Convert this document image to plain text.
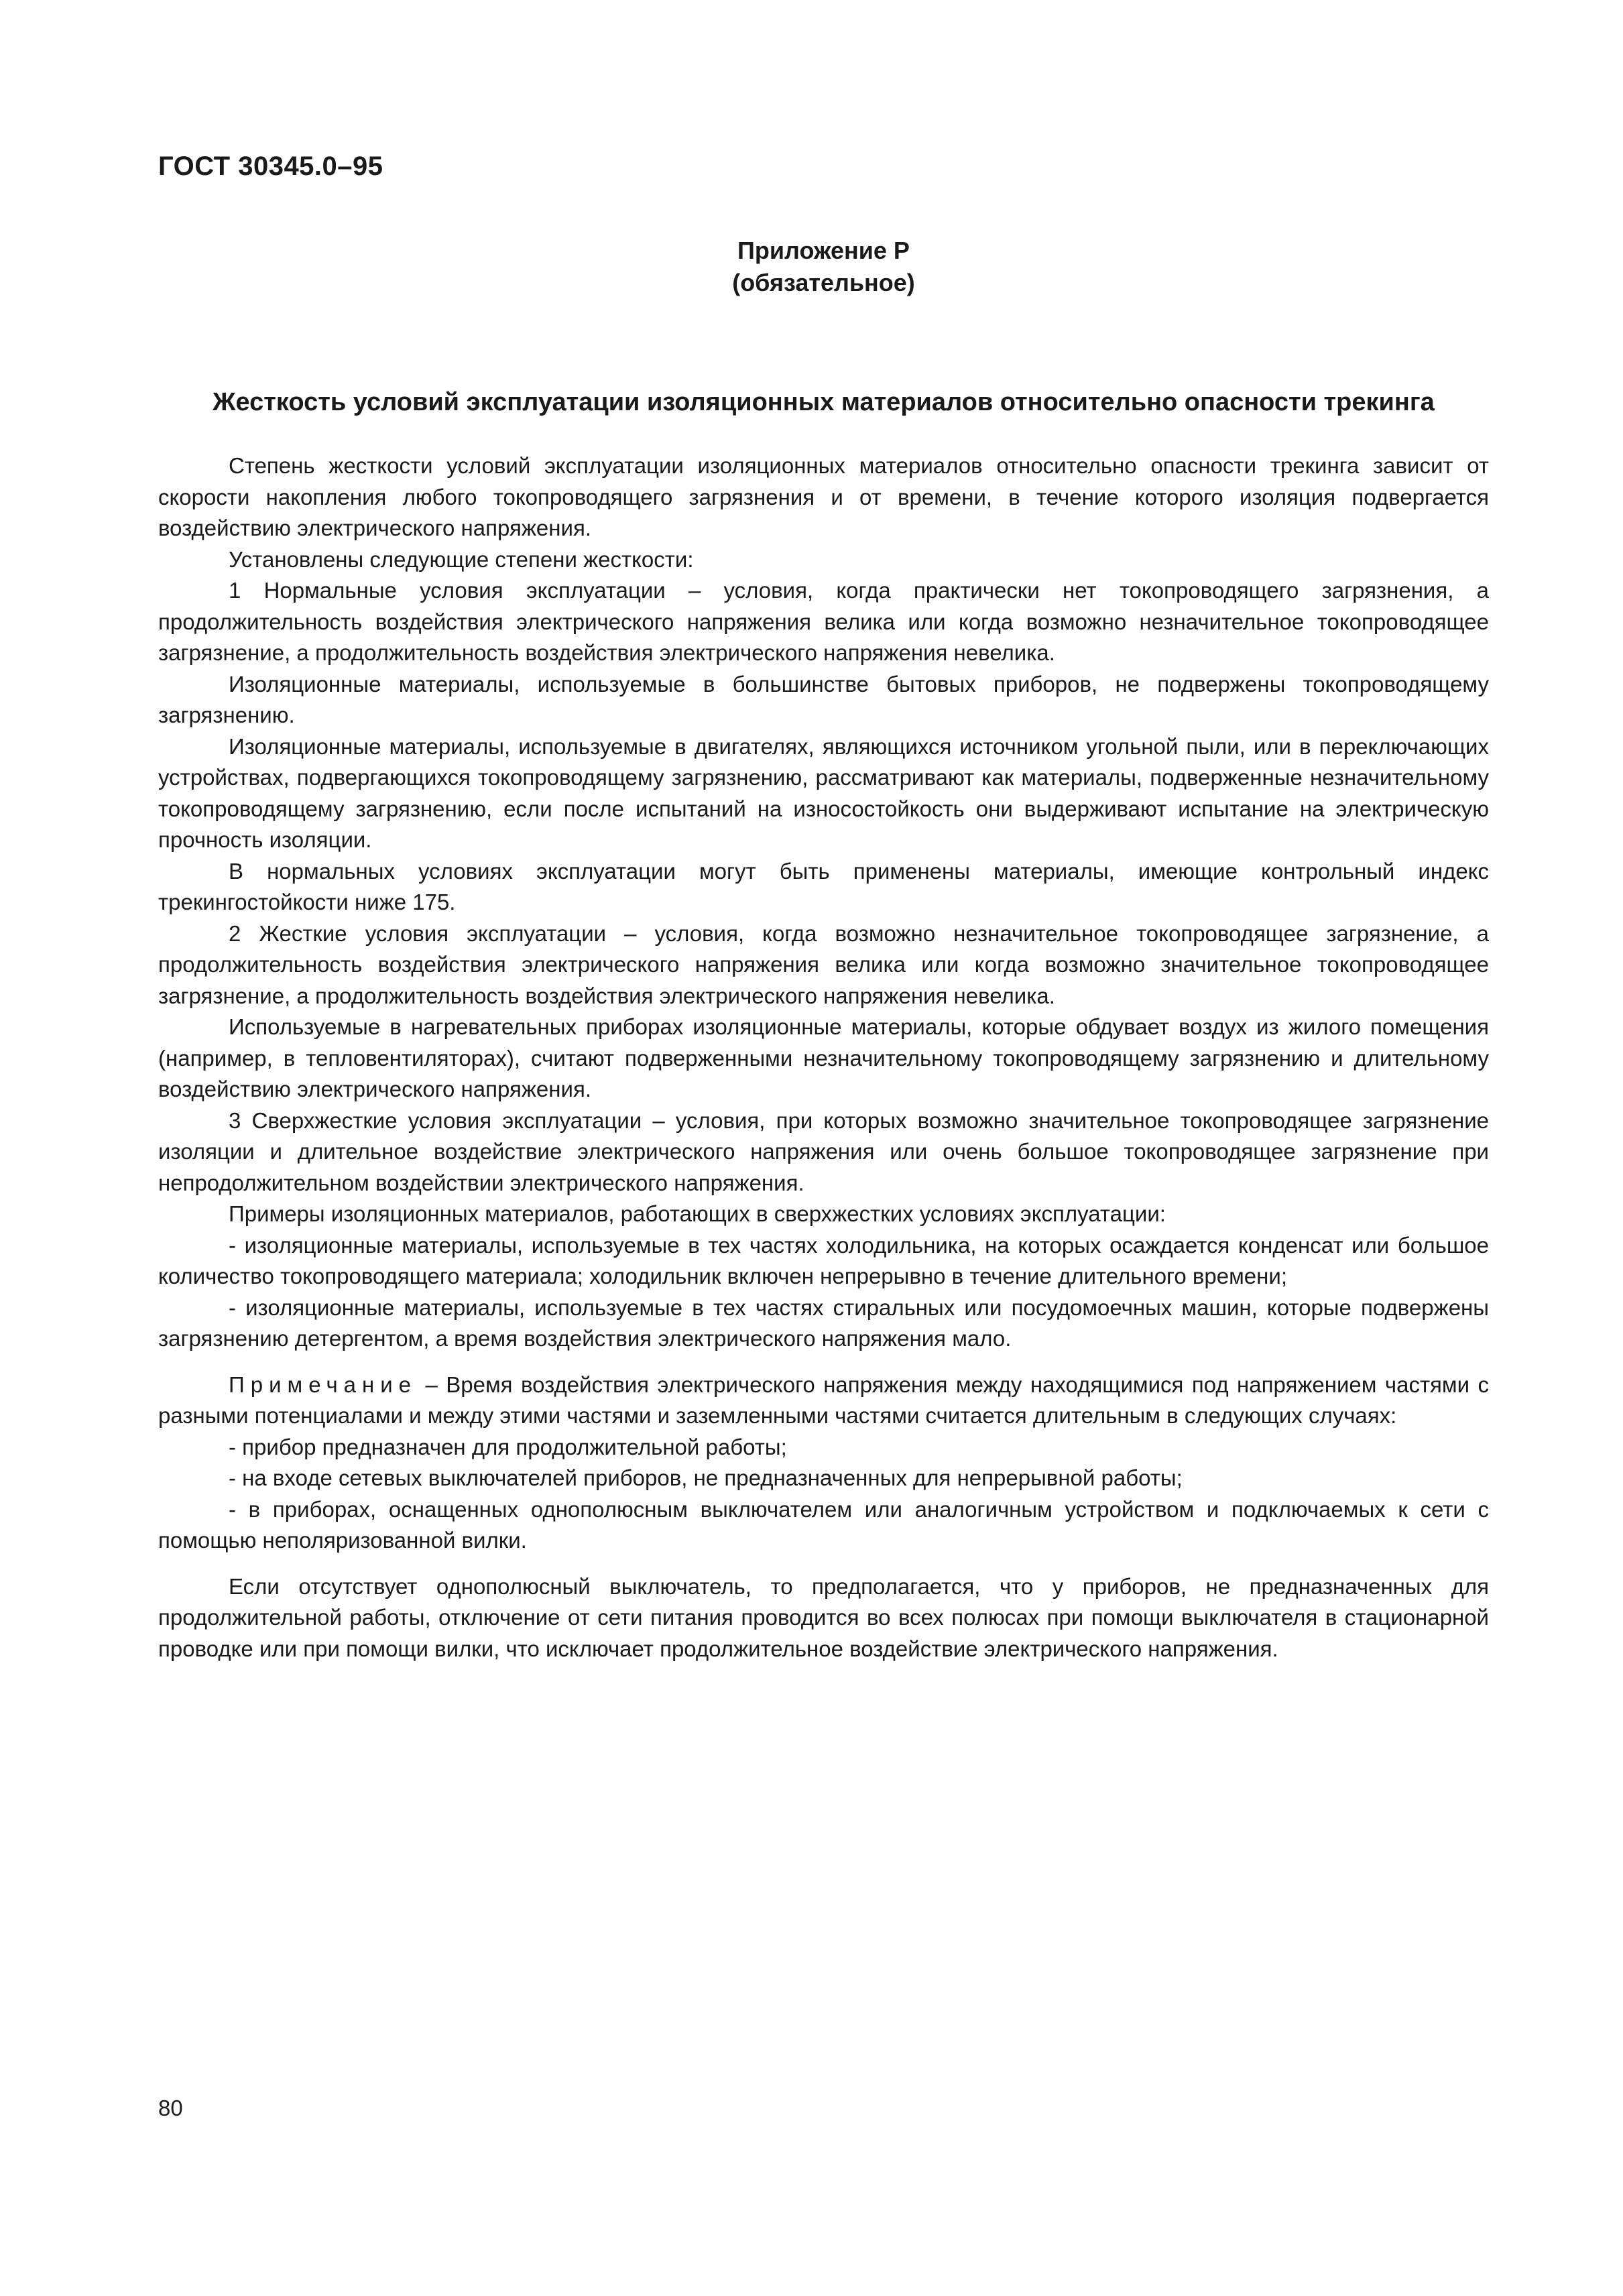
ГОСТ 30345.0–95
Приложение Р
(обязательное)
Жесткость условий эксплуатации изоляционных материалов относительно опасности трекинга

Степень жесткости условий эксплуатации изоляционных материалов относительно опасности трекинга зависит от скорости накопления любого токопроводящего загрязнения и от времени, в течение которого изоляция подвергается воздействию электрического напряжения.

Установлены следующие степени жесткости:

1 Нормальные условия эксплуатации – условия, когда практически нет токопроводящего загрязнения, а продолжительность воздействия электрического напряжения велика или когда возможно незначительное токопроводящее загрязнение, а продолжительность воздействия электрического напряжения невелика.

Изоляционные материалы, используемые в большинстве бытовых приборов, не подвержены токопроводящему загрязнению.

Изоляционные материалы, используемые в двигателях, являющихся источником угольной пыли, или в переключающих устройствах, подвергающихся токопроводящему загрязнению, рассматривают как материалы, подверженные незначительному токопроводящему загрязнению, если после испытаний на износостойкость они выдерживают испытание на электрическую прочность изоляции.

В нормальных условиях эксплуатации могут быть применены материалы, имеющие контрольный индекс трекингостойкости ниже 175.

2 Жесткие условия эксплуатации – условия, когда возможно незначительное токопроводящее загрязнение, а продолжительность воздействия электрического напряжения велика или когда возможно значительное токопроводящее загрязнение, а продолжительность воздействия электрического напряжения невелика.

Используемые в нагревательных приборах изоляционные материалы, которые обдувает воздух из жилого помещения (например, в тепловентиляторах), считают подверженными незначительному токопроводящему загрязнению и длительному воздействию электрического напряжения.

3 Сверхжесткие условия эксплуатации – условия, при которых возможно значительное токопроводящее загрязнение изоляции и длительное воздействие электрического напряжения или очень большое токопроводящее загрязнение при непродолжительном воздействии электрического напряжения.

Примеры изоляционных материалов, работающих в сверхжестких условиях эксплуатации:

- изоляционные материалы, используемые в тех частях холодильника, на которых осаждается конденсат или большое количество токопроводящего материала; холодильник включен непрерывно в течение длительного времени;

- изоляционные материалы, используемые в тех частях стиральных или посудомоечных машин, которые подвержены загрязнению детергентом, а время воздействия электрического напряжения мало.

Примечание – Время воздействия электрического напряжения между находящимися под напряжением частями с разными потенциалами и между этими частями и заземленными частями считается длительным в следующих случаях:

- прибор предназначен для продолжительной работы;

- на входе сетевых выключателей приборов, не предназначенных для непрерывной работы;

- в приборах, оснащенных однополюсным выключателем или аналогичным устройством и подключаемых к сети с помощью неполяризованной вилки.

Если отсутствует однополюсный выключатель, то предполагается, что у приборов, не предназначенных для продолжительной работы, отключение от сети питания проводится во всех полюсах при помощи выключателя в стационарной проводке или при помощи вилки, что исключает продолжительное воздействие электрического напряжения.

80
